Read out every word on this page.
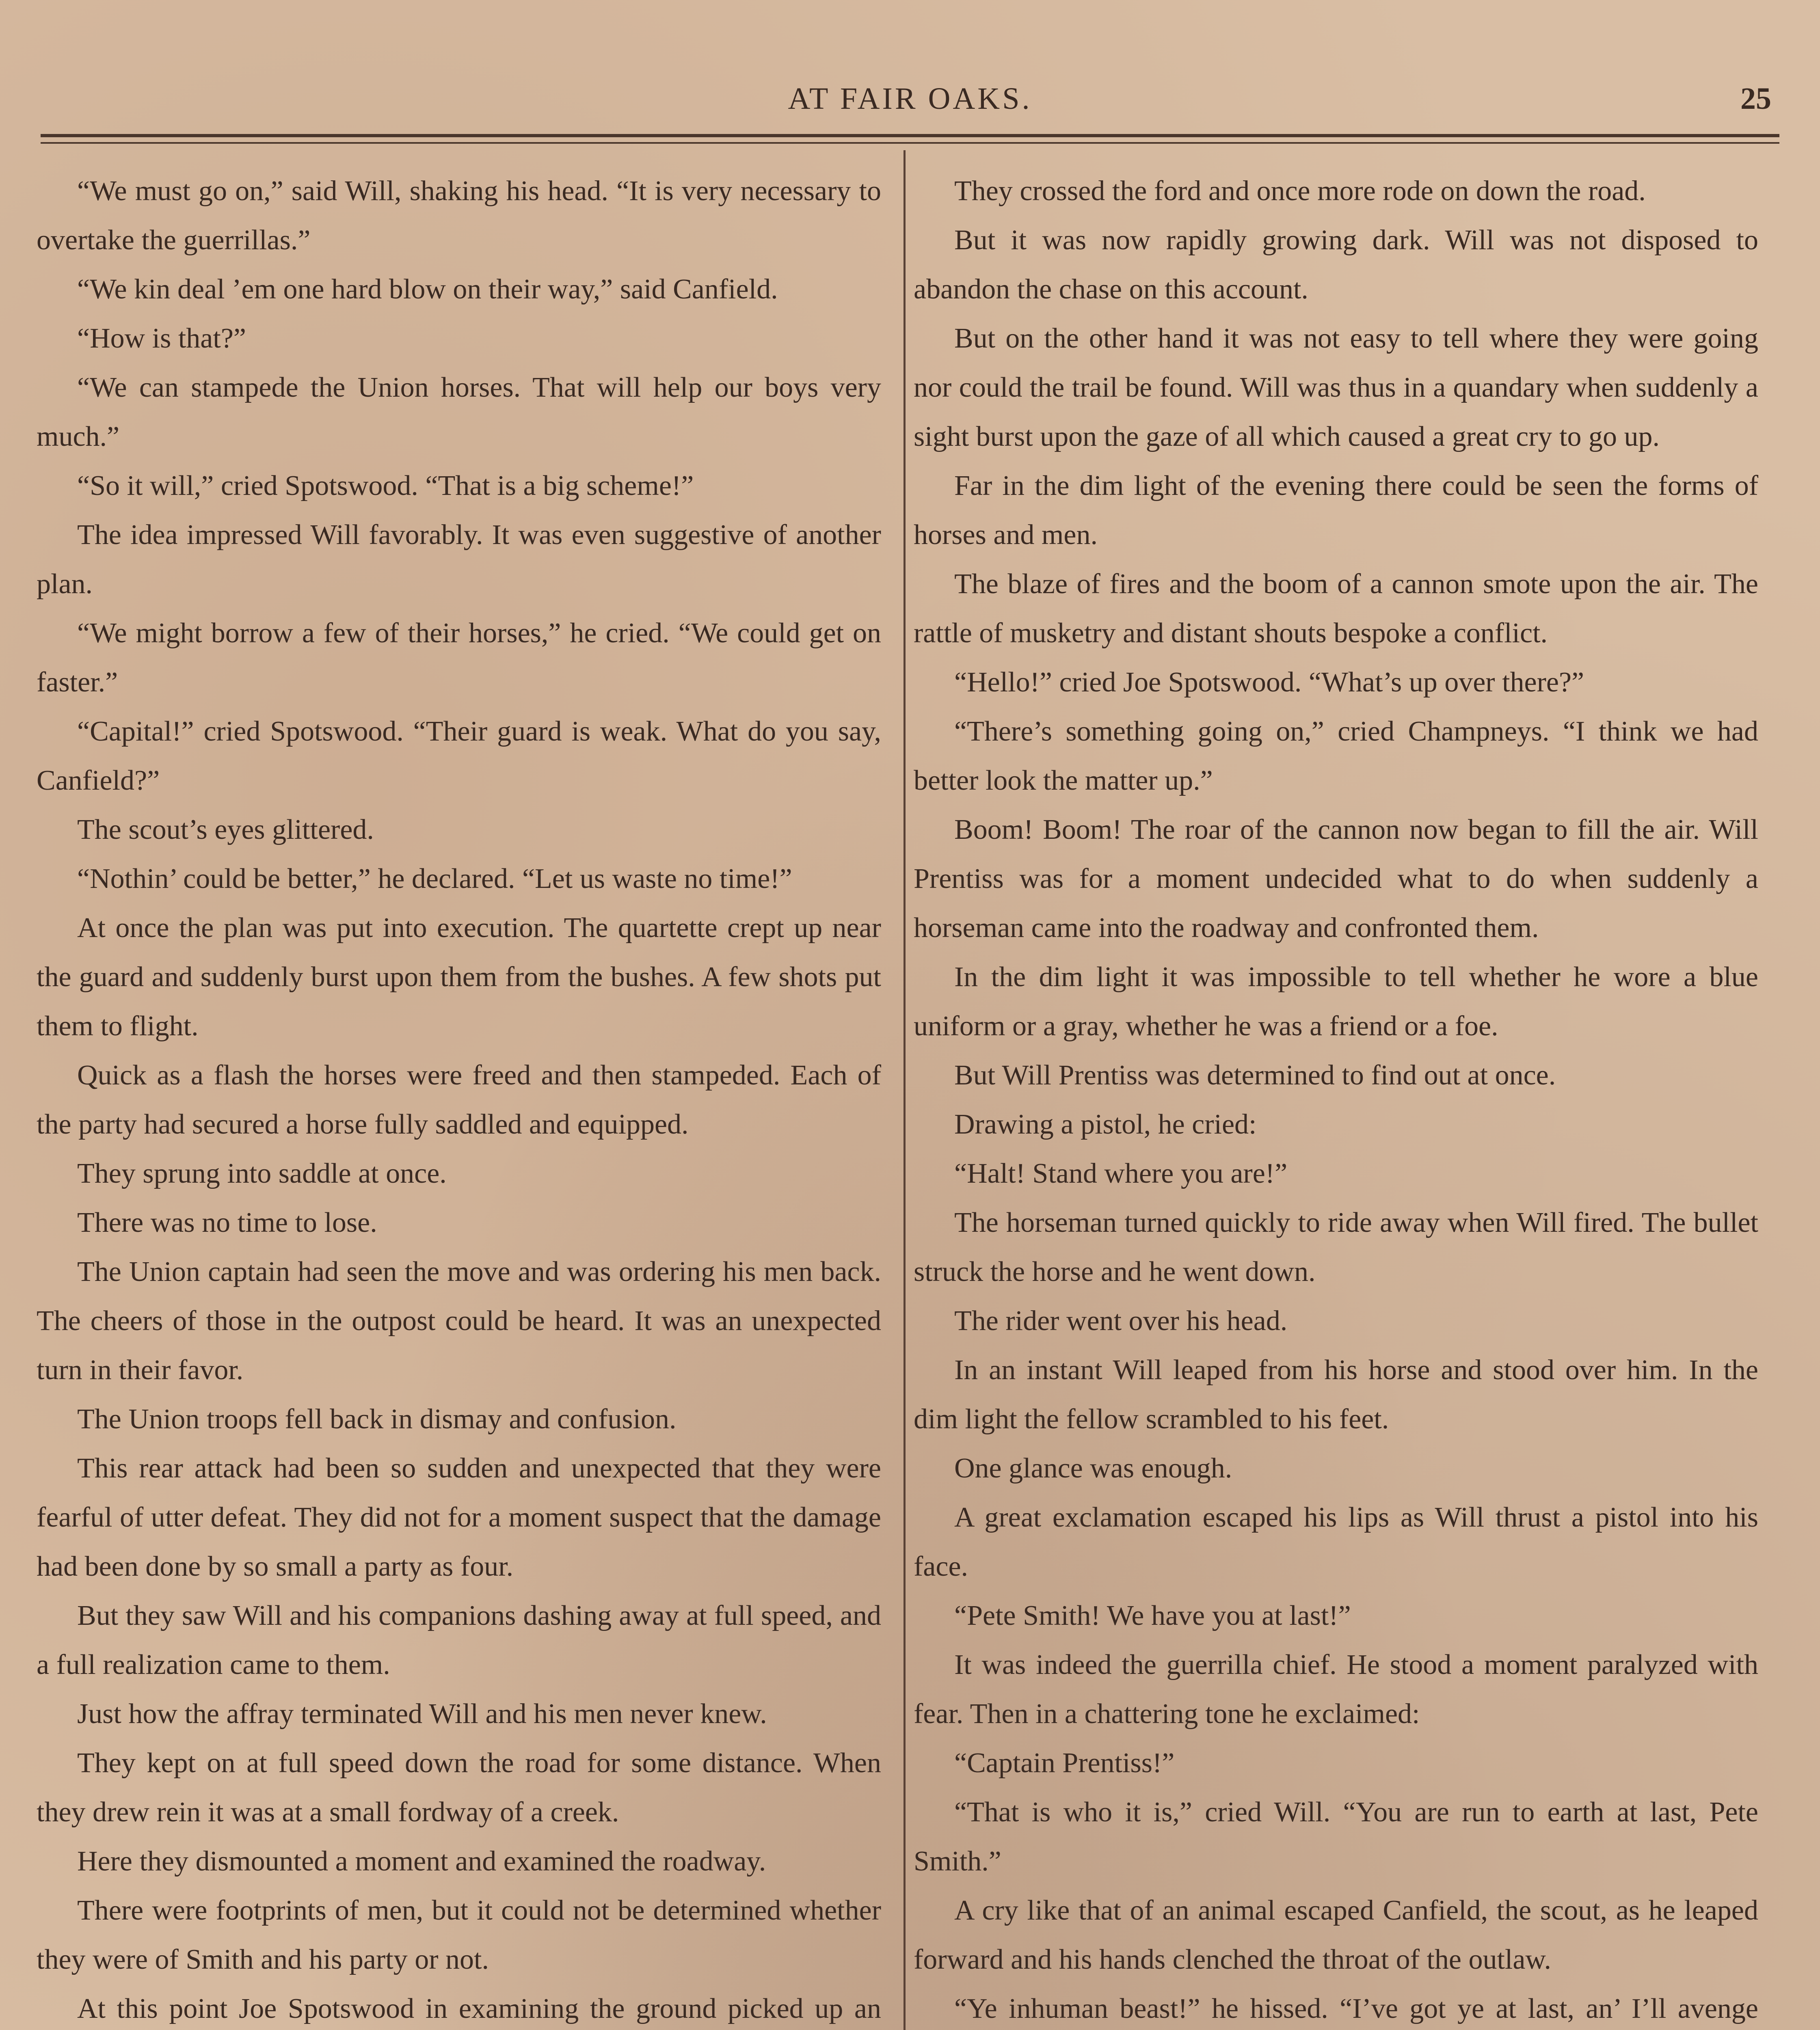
AT FAIR OAKS.	25

“We must go on,” said Will, shaking his head. “It is very necessary to overtake the guerrillas.”

“We kin deal ’em one hard blow on their way,” said Canfield.

“How is that?”

“We can stampede the Union horses. That will help our boys very much.”

“So it will,” cried Spotswood. “That is a big scheme!”

The idea impressed Will favorably. It was even suggestive of another plan.

“We might borrow a few of their horses,” he cried. “We could get on faster.”

“Capital!” cried Spotswood. “Their guard is weak. What do you say, Canfield?”

The scout’s eyes glittered.

“Nothin’ could be better,” he declared. “Let us waste no time!”

At once the plan was put into execution. The quartette crept up near the guard and suddenly burst upon them from the bushes. A few shots put them to flight.

Quick as a flash the horses were freed and then stampeded. Each of the party had secured a horse fully saddled and equipped.

They sprung into saddle at once.

There was no time to lose.

The Union captain had seen the move and was ordering his men back. The cheers of those in the outpost could be heard. It was an unexpected turn in their favor.

The Union troops fell back in dismay and confusion.

This rear attack had been so sudden and unexpected that they were fearful of utter defeat. They did not for a moment suspect that the damage had been done by so small a party as four.

But they saw Will and his companions dashing away at full speed, and a full realization came to them.

Just how the affray terminated Will and his men never knew.

They kept on at full speed down the road for some distance. When they drew rein it was at a small fordway of a creek.

Here they dismounted a moment and examined the roadway.

There were footprints of men, but it could not be determined whether they were of Smith and his party or not.

At this point Joe Spotswood in examining the ground picked up an

They crossed the ford and once more rode on down the road.

But it was now rapidly growing dark. Will was not disposed to abandon the chase on this account.

But on the other hand it was not easy to tell where they were going nor could the trail be found. Will was thus in a quandary when suddenly a sight burst upon the gaze of all which caused a great cry to go up.

Far in the dim light of the evening there could be seen the forms of horses and men.

The blaze of fires and the boom of a cannon smote upon the air. The rattle of musketry and distant shouts bespoke a conflict.

“Hello!” cried Joe Spotswood. “What’s up over there?”

“There’s something going on,” cried Champneys. “I think we had better look the matter up.”

Boom! Boom! The roar of the cannon now began to fill the air. Will Prentiss was for a moment undecided what to do when suddenly a horseman came into the roadway and confronted them.

In the dim light it was impossible to tell whether he wore a blue uniform or a gray, whether he was a friend or a foe.

But Will Prentiss was determined to find out at once.

Drawing a pistol, he cried:

“Halt! Stand where you are!”

The horseman turned quickly to ride away when Will fired. The bullet struck the horse and he went down.

The rider went over his head.

In an instant Will leaped from his horse and stood over him. In the dim light the fellow scrambled to his feet.

One glance was enough.

A great exclamation escaped his lips as Will thrust a pistol into his face.

“Pete Smith! We have you at last!”

It was indeed the guerrilla chief. He stood a moment paralyzed with fear. Then in a chattering tone he exclaimed:

“Captain Prentiss!”

“That is who it is,” cried Will. “You are run to earth at last, Pete Smith.”

A cry like that of an animal escaped Canfield, the scout, as he leaped forward and his hands clenched the throat of the outlaw.

“Ye inhuman beast!” he hissed. “I’ve got ye at last, an’ I’ll avenge
